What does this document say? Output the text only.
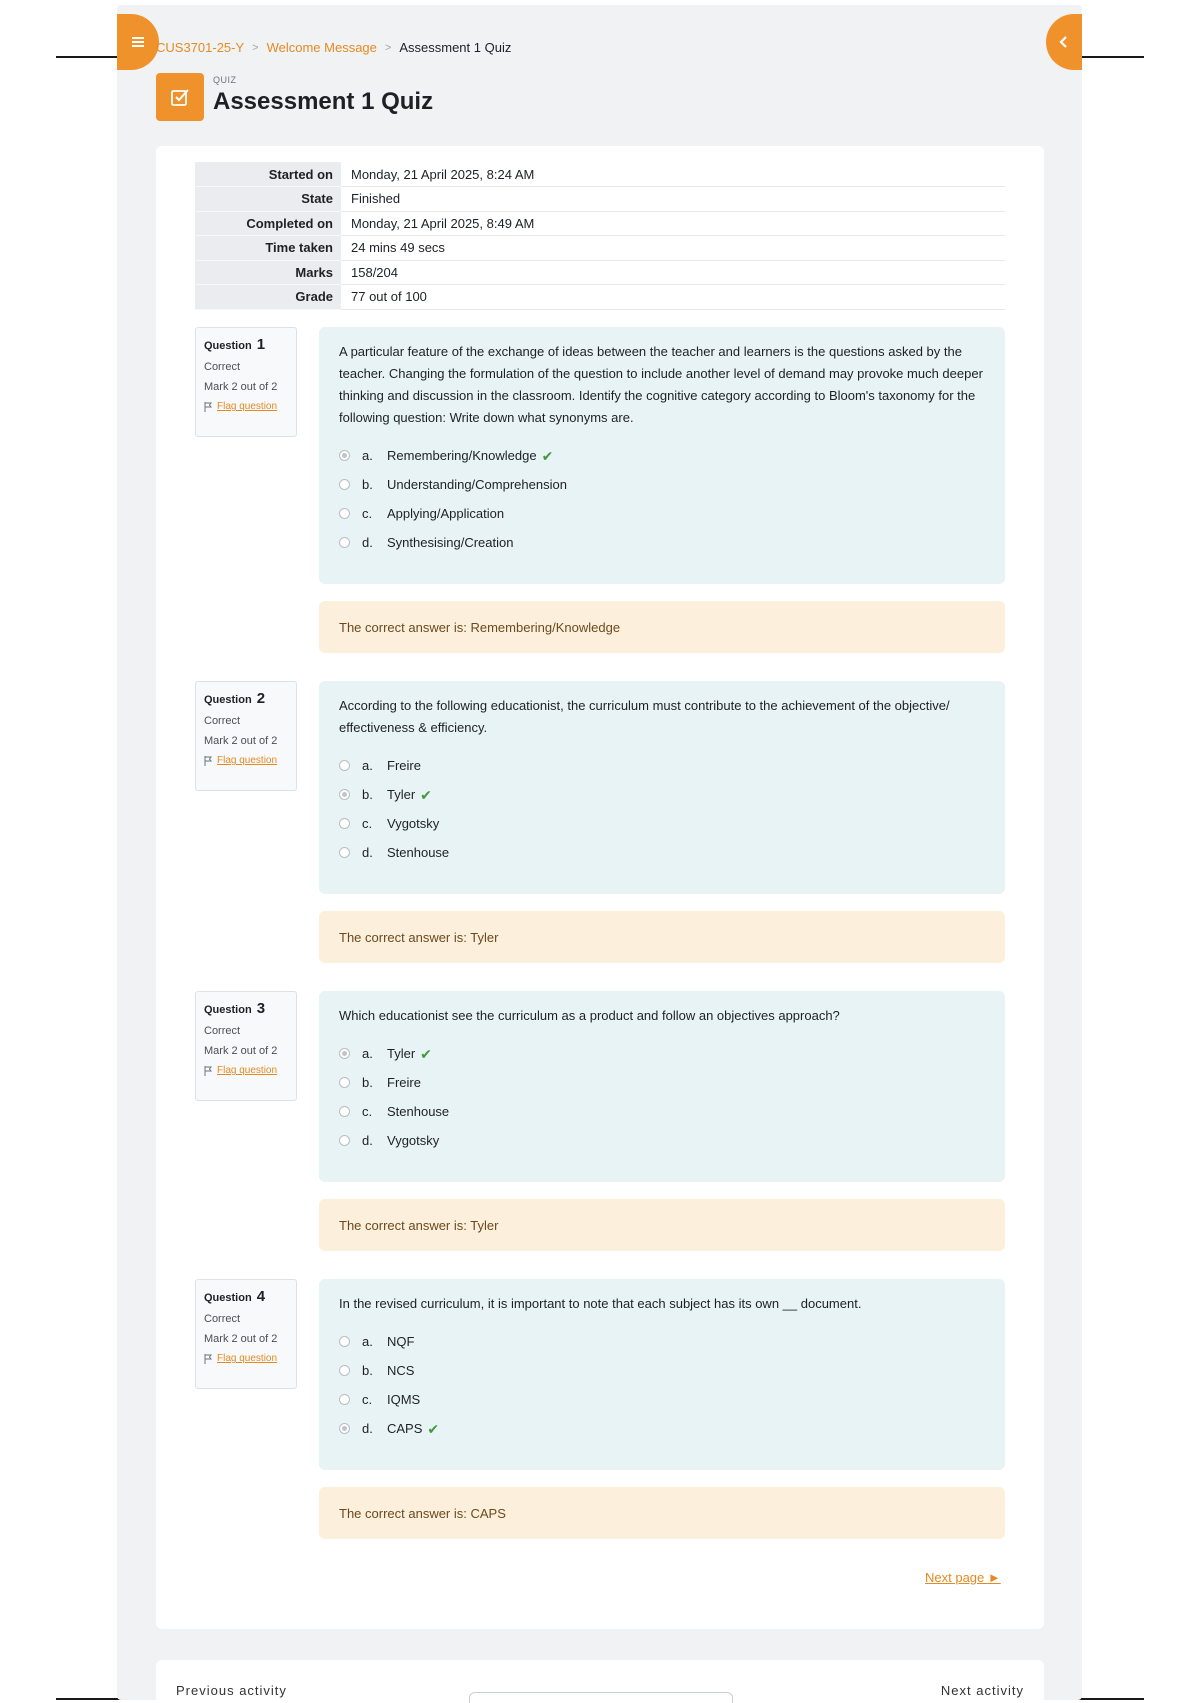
CUS3701-25-Y > Welcome Message > Assessment 1 Quiz
QUIZ
Assessment 1 Quiz
Started on	Monday, 21 April 2025, 8:24 AM
State	Finished
Completed on	Monday, 21 April 2025, 8:49 AM
Time taken	24 mins 49 secs
Marks	158/204
Grade	77 out of 100
Question 1
Correct
Mark 2 out of 2
Flag question

A particular feature of the exchange of ideas between the teacher and learners is the questions asked by the teacher. Changing the formulation of the question to include another level of demand may provoke much deeper thinking and discussion in the classroom. Identify the cognitive category according to Bloom's taxonomy for the following question: Write down what synonyms are.

a.	Remembering/Knowledge ✔
b.	Understanding/Comprehension
c.	Applying/Application
d.	Synthesising/Creation
The correct answer is: Remembering/Knowledge
Question 2
Correct
Mark 2 out of 2
Flag question

According to the following educationist, the curriculum must contribute to the achievement of the objective/ effectiveness & efficiency.

a.	Freire
b.	Tyler ✔
c.	Vygotsky
d.	Stenhouse
The correct answer is: Tyler
Question 3
Correct
Mark 2 out of 2
Flag question

Which educationist see the curriculum as a product and follow an objectives approach?

a.	Tyler ✔
b.	Freire
c.	Stenhouse
d.	Vygotsky
The correct answer is: Tyler
Question 4
Correct
Mark 2 out of 2
Flag question

In the revised curriculum, it is important to note that each subject has its own __ document.

a.	NQF
b.	NCS
c.	IQMS
d.	CAPS ✔
The correct answer is: CAPS
Next page ►
Previous activity	Next activity
